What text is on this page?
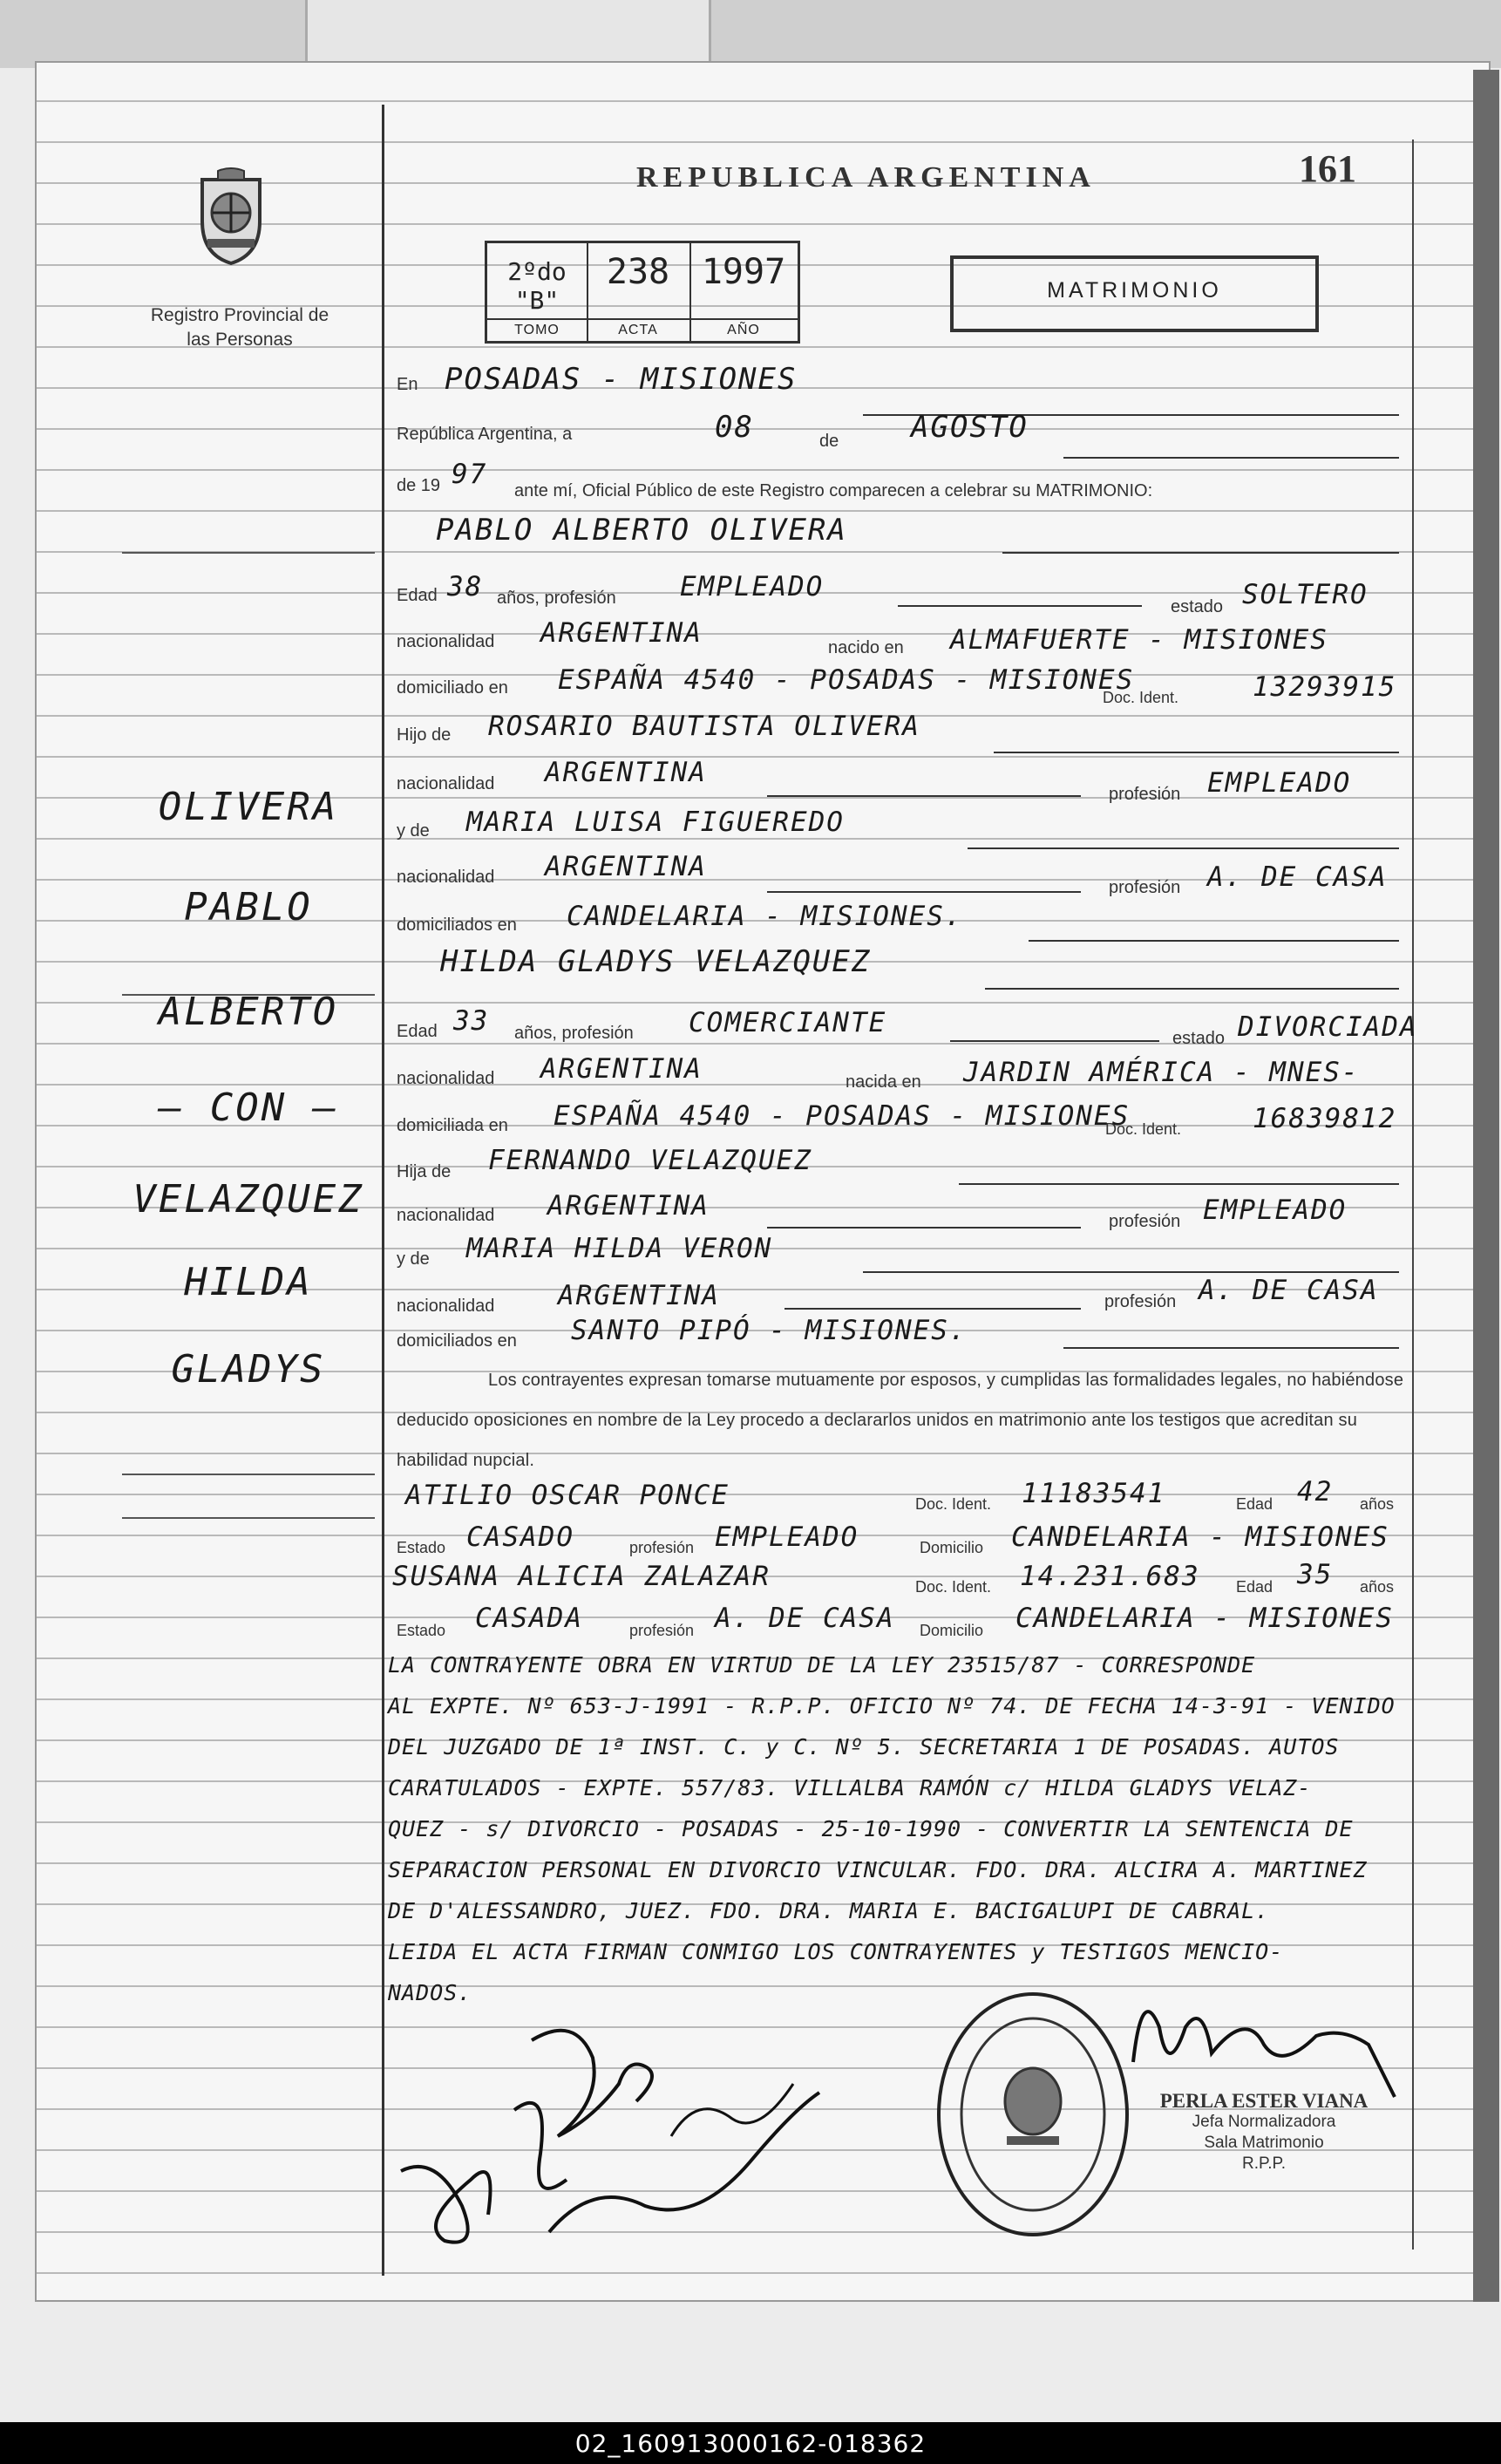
Registro Provincial de las Personas
REPUBLICA ARGENTINA	161
MATRIMONIO
2ºdo "B"
TOMO
238
ACTA
1997
AÑO
OLIVERA
PABLO
ALBERTO
— CON —
VELAZQUEZ
HILDA
GLADYS
En POSADAS - MISIONES
República Argentina, a	08	de AGOSTO
de 19 97
ante mí, Oficial Público de este Registro comparecen a celebrar su MATRIMONIO:
PABLO ALBERTO OLIVERA
Edad 38 años, profesión EMPLEADO
estado SOLTERO
nacionalidad ARGENTINA	nacido en ALMAFUERTE - MISIONES
domiciliado en ESPAÑA 4540 - POSADAS - MISIONES
Doc. Ident.	13293915
Hijo de ROSARIO BAUTISTA OLIVERA
nacionalidad ARGENTINA
profesión EMPLEADO
y de MARIA LUISA FIGUEREDO
nacionalidad ARGENTINA
profesión A. DE CASA
domiciliados en CANDELARIA - MISIONES.
HILDA GLADYS VELAZQUEZ
Edad 33 años, profesión COMERCIANTE	estado DIVORCIADA
nacionalidad ARGENTINA	nacida en JARDIN AMÉRICA - MNES-
domiciliada en ESPAÑA 4540 - POSADAS - MISIONES
Doc. Ident.	16839812
Hija de FERNANDO VELAZQUEZ
nacionalidad ARGENTINA	profesión EMPLEADO
y de MARIA HILDA VERON
nacionalidad ARGENTINA	profesión A. DE CASA
domiciliados en SANTO PIPÓ - MISIONES.
Los contrayentes expresan tomarse mutuamente por esposos, y cumplidas las formalidades legales, no habiéndose deducido oposiciones en nombre de la Ley procedo a declararlos unidos en matrimonio ante los testigos que acreditan su habilidad nupcial.
ATILIO OSCAR PONCE	Doc. Ident. 11183541	Edad 42 años
Estado CASADO	profesión EMPLEADO	Domicilio CANDELARIA - MISIONES
SUSANA ALICIA ZALAZAR	Doc. Ident. 14.231.683 Edad 35 años
Estado CASADA	profesión A. DE CASA Domicilio CANDELARIA - MISIONES
LA CONTRAYENTE OBRA EN VIRTUD DE LA LEY 23515/87 - CORRESPONDE
AL EXPTE. Nº 653-J-1991 - R.P.P. OFICIO Nº 74. DE FECHA 14-3-91 - VENIDO
DEL JUZGADO DE 1ª INST. C. y C. Nº 5. SECRETARIA 1 DE POSADAS. AUTOS
CARATULADOS - EXPTE. 557/83. VILLALBA RAMÓN c/ HILDA GLADYS VELAZ-
QUEZ - s/ DIVORCIO - POSADAS - 25-10-1990 - CONVERTIR LA SENTENCIA DE
SEPARACION PERSONAL EN DIVORCIO VINCULAR. FDO. DRA. ALCIRA A. MARTINEZ
DE D'ALESSANDRO, JUEZ. FDO. DRA. MARIA E. BACIGALUPI DE CABRAL.
LEIDA EL ACTA FIRMAN CONMIGO LOS CONTRAYENTES y TESTIGOS MENCIO-
NADOS.
PERLA ESTER VIANA
Jefa Normalizadora
Sala Matrimonio
R.P.P.
02_160913000162-018362
